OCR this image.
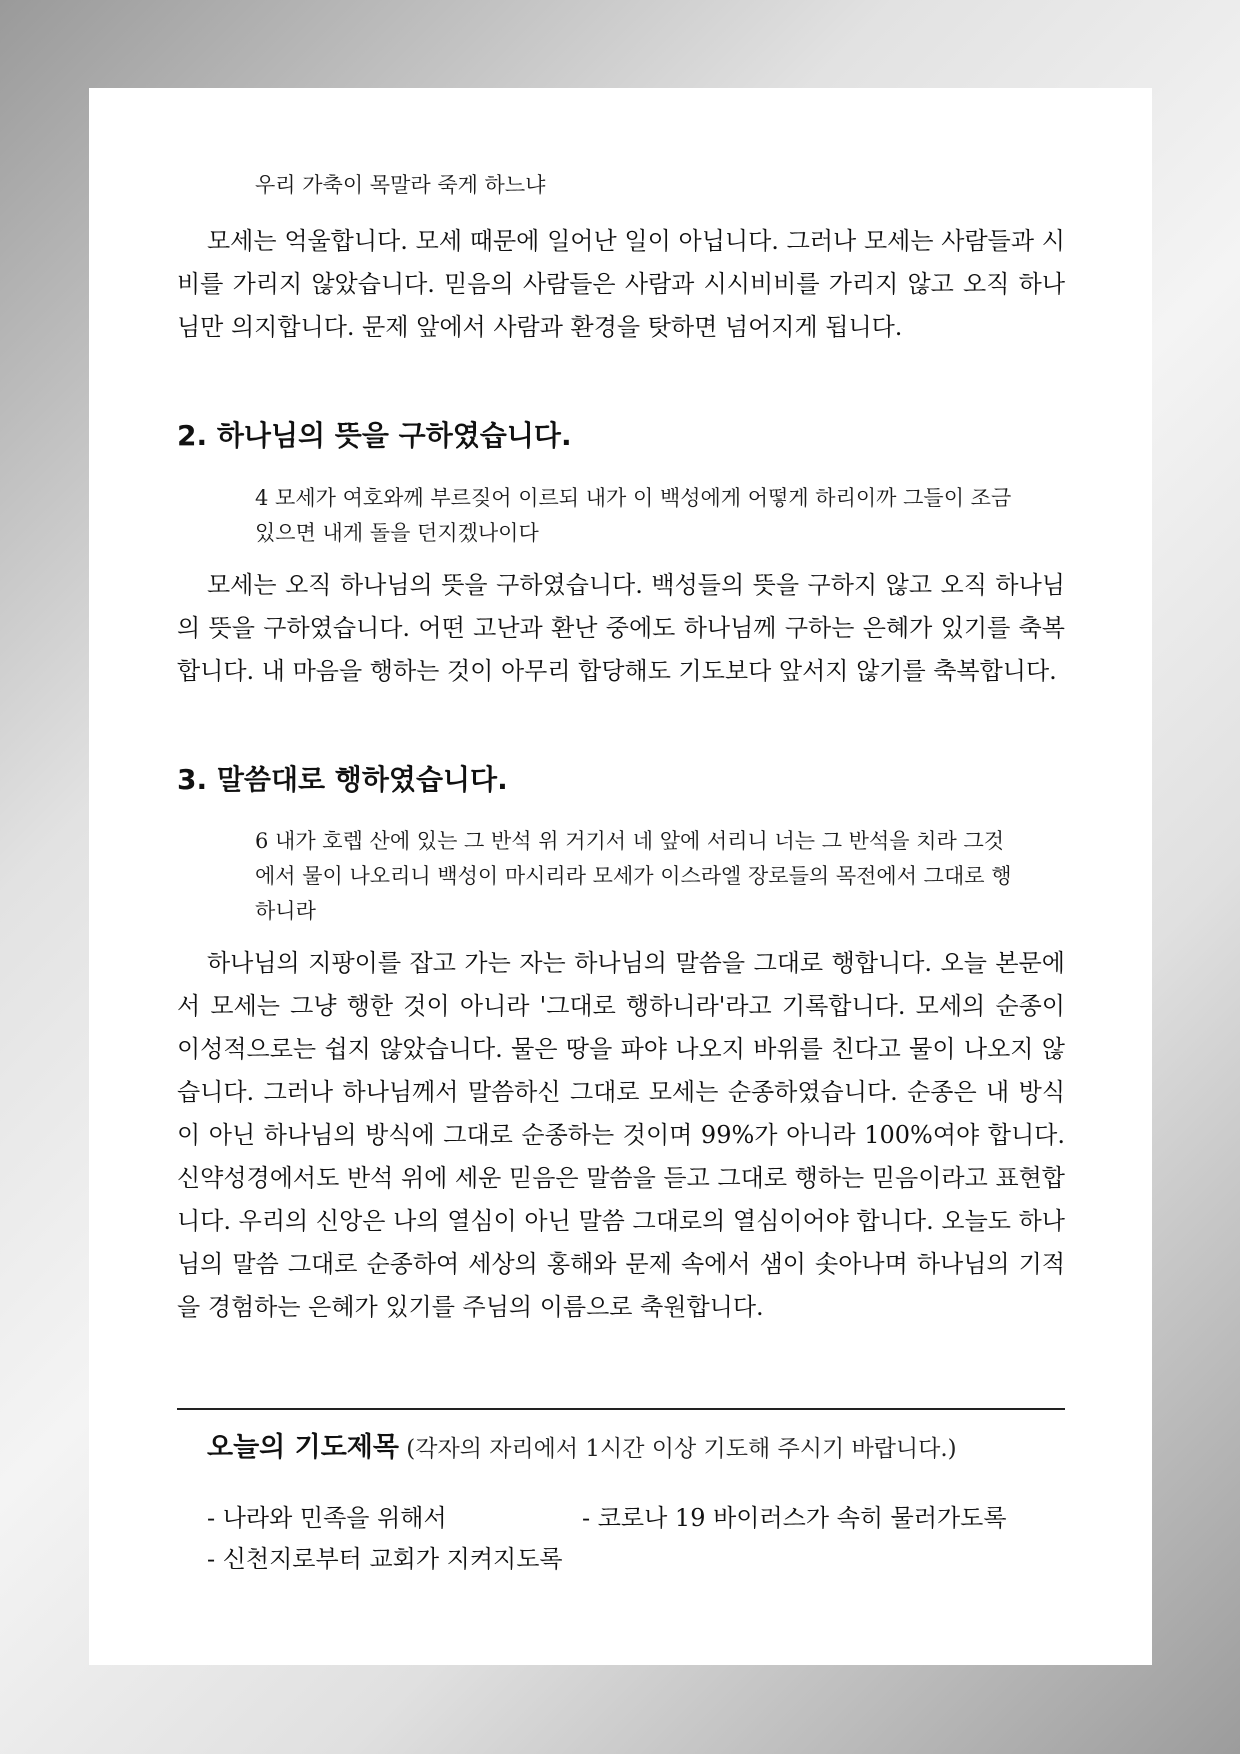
우리 가축이 목말라 죽게 하느냐

모세는 억울합니다. 모세 때문에 일어난 일이 아닙니다. 그러나 모세는 사람들과 시비를 가리지 않았습니다. 믿음의 사람들은 사람과 시시비비를 가리지 않고 오직 하나님만 의지합니다. 문제 앞에서 사람과 환경을 탓하면 넘어지게 됩니다.

2. 하나님의 뜻을 구하였습니다.

4 모세가 여호와께 부르짖어 이르되 내가 이 백성에게 어떻게 하리이까 그들이 조금 있으면 내게 돌을 던지겠나이다

모세는 오직 하나님의 뜻을 구하였습니다. 백성들의 뜻을 구하지 않고 오직 하나님의 뜻을 구하였습니다. 어떤 고난과 환난 중에도 하나님께 구하는 은혜가 있기를 축복합니다. 내 마음을 행하는 것이 아무리 합당해도 기도보다 앞서지 않기를 축복합니다.

3. 말씀대로 행하였습니다.

6 내가 호렙 산에 있는 그 반석 위 거기서 네 앞에 서리니 너는 그 반석을 치라 그것에서 물이 나오리니 백성이 마시리라 모세가 이스라엘 장로들의 목전에서 그대로 행하니라

하나님의 지팡이를 잡고 가는 자는 하나님의 말씀을 그대로 행합니다. 오늘 본문에서 모세는 그냥 행한 것이 아니라 '그대로 행하니라'라고 기록합니다. 모세의 순종이 이성적으로는 쉽지 않았습니다. 물은 땅을 파야 나오지 바위를 친다고 물이 나오지 않습니다. 그러나 하나님께서 말씀하신 그대로 모세는 순종하였습니다. 순종은 내 방식이 아닌 하나님의 방식에 그대로 순종하는 것이며 99%가 아니라 100%여야 합니다. 신약성경에서도 반석 위에 세운 믿음은 말씀을 듣고 그대로 행하는 믿음이라고 표현합니다. 우리의 신앙은 나의 열심이 아닌 말씀 그대로의 열심이어야 합니다. 오늘도 하나님의 말씀 그대로 순종하여 세상의 홍해와 문제 속에서 샘이 솟아나며 하나님의 기적을 경험하는 은혜가 있기를 주님의 이름으로 축원합니다.

오늘의 기도제목 (각자의 자리에서 1시간 이상 기도해 주시기 바랍니다.)

- 나라와 민족을 위해서	- 코로나 19 바이러스가 속히 물러가도록

- 신천지로부터 교회가 지켜지도록
